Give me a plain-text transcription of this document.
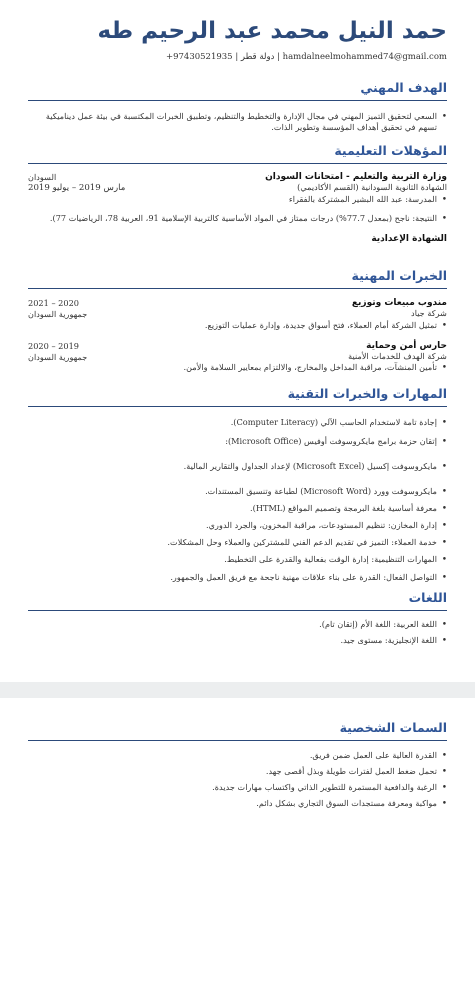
حمد النيل محمد عبد الرحيم طه
hamdalneelmohammed74@gmail.com | دولة قطر | +97430521935
الهدف المهني
• السعي لتحقيق التميز المهني في مجال الإدارة والتخطيط والتنظيم، وتطبيق الخبرات المكتسبة في بيئة عمل ديناميكية تسهم في تحقيق أهداف المؤسسة وتطوير الذات.
المؤهلات التعليمية
وزارة التربية والتعليم - امتحانات السودان
الشهادة الثانوية السودانية (القسم الأكاديمي)
السودان
مارس 2019 – يوليو 2019
• المدرسة: عبد الله البشير المشتركة بالفقراء
• النتيجة: ناجح (بمعدل 77.7%) درجات ممتاز في المواد الأساسية كالتربية الإسلامية 91، العربية 78، الرياضيات 77).
الشهادة الإعدادية
الخبرات المهنية
مندوب مبيعات وتوزيع
شركة جياد
2020 – 2021
جمهورية السودان
• تمثيل الشركة أمام العملاء، فتح أسواق جديدة، وإدارة عمليات التوزيع.
حارس أمن وحماية
شركة الهدف للخدمات الأمنية
2019 – 2020
جمهورية السودان
• تأمين المنشآت، مراقبة المداخل والمخارج، والالتزام بمعايير السلامة والأمن.
المهارات والخبرات التقنية
• إجادة تامة لاستخدام الحاسب الآلي (Computer Literacy).
• إتقان حزمة برامج مايكروسوفت أوفيس (Microsoft Office):
• مايكروسوفت إكسيل (Microsoft Excel) لإعداد الجداول والتقارير المالية.
• مايكروسوفت وورد (Microsoft Word) لطباعة وتنسيق المستندات.
• معرفة أساسية بلغة البرمجة وتصميم المواقع (HTML).
• إدارة المخازن: تنظيم المستودعات، مراقبة المخزون، والجرد الدوري.
• خدمة العملاء: التميز في تقديم الدعم الفني للمشتركين والعملاء وحل المشكلات.
• المهارات التنظيمية: إدارة الوقت بفعالية والقدرة على التخطيط.
• التواصل الفعال: القدرة على بناء علاقات مهنية ناجحة مع فريق العمل والجمهور.
اللغات
• اللغة العربية: اللغة الأم (إتقان تام).
• اللغة الإنجليزية: مستوى جيد.
السمات الشخصية
• القدرة العالية على العمل ضمن فريق.
• تحمل ضغط العمل لفترات طويلة وبذل أقصى جهد.
• الرغبة والدافعية المستمرة للتطوير الذاتي واكتساب مهارات جديدة.
• مواكبة ومعرفة مستجدات السوق التجاري بشكل دائم.
